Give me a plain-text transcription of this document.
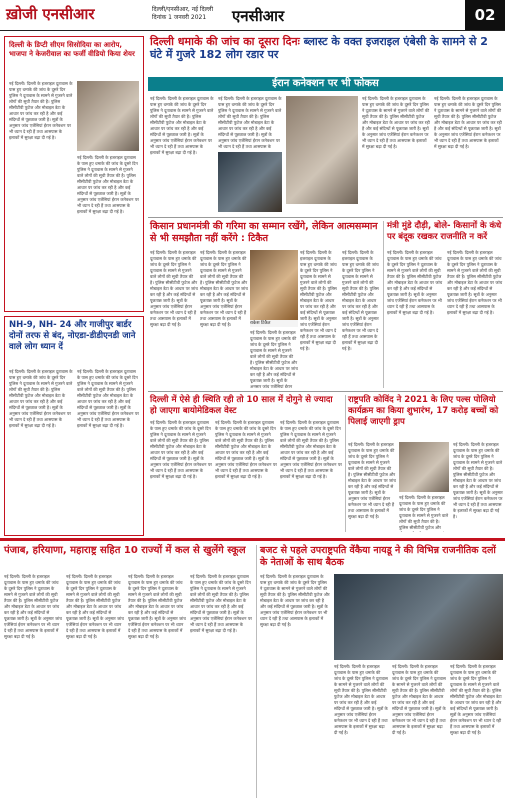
ख़ोजी एनसीआर	दिल्ली/एनसीआर, नई दिल्ली
दिनांक 1 जनवरी 2021	एनसीआर	02
दिल्ली के डिप्टी सीएम सिसोदिया का आरोप, भाजपा ने केजरीवाल का फर्जी वीडियो किया शेयर
नई दिल्ली। दिल्ली के इजराइल दूतावास के पास हुए धमाके की जांच के दूसरे दिन पुलिस ने दूतावास के सामने से गुजरने वाले लोगों की सूची तैयार की है। पुलिस सीसीटीवी फुटेज और मोबाइल डेटा के आधार पर जांच कर रही है और कई संदिग्धों से पूछताछ जारी है। सूत्रों के अनुसार जांच एजेंसियां ईरान कनेक्शन पर भी ध्यान दे रही हैं तथा आसपास के इलाकों में सुरक्षा बढ़ा दी गई है।
नई दिल्ली। दिल्ली के इजराइल दूतावास के पास हुए धमाके की जांच के दूसरे दिन पुलिस ने दूतावास के सामने से गुजरने वाले लोगों की सूची तैयार की है। पुलिस सीसीटीवी फुटेज और मोबाइल डेटा के आधार पर जांच कर रही है और कई संदिग्धों से पूछताछ जारी है। सूत्रों के अनुसार जांच एजेंसियां ईरान कनेक्शन पर भी ध्यान दे रही हैं तथा आसपास के इलाकों में सुरक्षा बढ़ा दी गई है।
NH-9, NH- 24 और गाजीपुर बार्डर दोनों तरफ से बंद, नोएडा-डीडीएनडी जाने वाले लोग ध्यान दें
नई दिल्ली। दिल्ली के इजराइल दूतावास के पास हुए धमाके की जांच के दूसरे दिन पुलिस ने दूतावास के सामने से गुजरने वाले लोगों की सूची तैयार की है। पुलिस सीसीटीवी फुटेज और मोबाइल डेटा के आधार पर जांच कर रही है और कई संदिग्धों से पूछताछ जारी है। सूत्रों के अनुसार जांच एजेंसियां ईरान कनेक्शन पर भी ध्यान दे रही हैं तथा आसपास के इलाकों में सुरक्षा बढ़ा दी गई है।
नई दिल्ली। दिल्ली के इजराइल दूतावास के पास हुए धमाके की जांच के दूसरे दिन पुलिस ने दूतावास के सामने से गुजरने वाले लोगों की सूची तैयार की है। पुलिस सीसीटीवी फुटेज और मोबाइल डेटा के आधार पर जांच कर रही है और कई संदिग्धों से पूछताछ जारी है। सूत्रों के अनुसार जांच एजेंसियां ईरान कनेक्शन पर भी ध्यान दे रही हैं तथा आसपास के इलाकों में सुरक्षा बढ़ा दी गई है।
दिल्ली धमाके की जांच का दूसरा दिनः ब्लास्ट के वक्त इजराइल एंबेसी के सामने से 2 घंटे में गुजरे 182 लोग रडार पर
ईरान कनेक्शन पर भी फोकस
नई दिल्ली। दिल्ली के इजराइल दूतावास के पास हुए धमाके की जांच के दूसरे दिन पुलिस ने दूतावास के सामने से गुजरने वाले लोगों की सूची तैयार की है। पुलिस सीसीटीवी फुटेज और मोबाइल डेटा के आधार पर जांच कर रही है और कई संदिग्धों से पूछताछ जारी है। सूत्रों के अनुसार जांच एजेंसियां ईरान कनेक्शन पर भी ध्यान दे रही हैं तथा आसपास के इलाकों में सुरक्षा बढ़ा दी गई है।
नई दिल्ली। दिल्ली के इजराइल दूतावास के पास हुए धमाके की जांच के दूसरे दिन पुलिस ने दूतावास के सामने से गुजरने वाले लोगों की सूची तैयार की है। पुलिस सीसीटीवी फुटेज और मोबाइल डेटा के आधार पर जांच कर रही है और कई संदिग्धों से पूछताछ जारी है। सूत्रों के अनुसार जांच एजेंसियां ईरान कनेक्शन पर भी ध्यान दे रही हैं तथा आसपास के
नई दिल्ली। दिल्ली के इजराइल दूतावास के पास हुए धमाके की जांच के दूसरे दिन पुलिस ने दूतावास के सामने से गुजरने वाले लोगों की सूची तैयार की है। पुलिस सीसीटीवी फुटेज और मोबाइल डेटा के आधार पर जांच कर रही है और कई संदिग्धों से पूछताछ जारी है। सूत्रों के अनुसार जांच एजेंसियां ईरान कनेक्शन पर भी ध्यान दे रही हैं तथा आसपास के इलाकों में सुरक्षा बढ़ा दी गई है।
नई दिल्ली। दिल्ली के इजराइल दूतावास के पास हुए धमाके की जांच के दूसरे दिन पुलिस ने दूतावास के सामने से गुजरने वाले लोगों की सूची तैयार की है। पुलिस सीसीटीवी फुटेज और मोबाइल डेटा के आधार पर जांच कर रही है और कई संदिग्धों से पूछताछ जारी है। सूत्रों के अनुसार जांच एजेंसियां ईरान कनेक्शन पर भी ध्यान दे रही हैं तथा आसपास के इलाकों में सुरक्षा बढ़ा दी गई है।
किसान प्रधानमंत्री की गरिमा का सम्मान रखेंगे, लेकिन आत्मसम्मान से भी समझौता नहीं करेंगे : टिकैत
नई दिल्ली। दिल्ली के इजराइल दूतावास के पास हुए धमाके की जांच के दूसरे दिन पुलिस ने दूतावास के सामने से गुजरने वाले लोगों की सूची तैयार की है। पुलिस सीसीटीवी फुटेज और मोबाइल डेटा के आधार पर जांच कर रही है और कई संदिग्धों से पूछताछ जारी है। सूत्रों के अनुसार जांच एजेंसियां ईरान कनेक्शन पर भी ध्यान दे रही हैं तथा आसपास के इलाकों में सुरक्षा बढ़ा दी गई है।
नई दिल्ली। दिल्ली के इजराइल दूतावास के पास हुए धमाके की जांच के दूसरे दिन पुलिस ने दूतावास के सामने से गुजरने वाले लोगों की सूची तैयार की है। पुलिस सीसीटीवी फुटेज और मोबाइल डेटा के आधार पर जांच कर रही है और कई संदिग्धों से पूछताछ जारी है। सूत्रों के अनुसार जांच एजेंसियां ईरान कनेक्शन पर भी ध्यान दे रही हैं तथा आसपास के इलाकों में सुरक्षा बढ़ा दी गई है।	राकेश टिकैत
नई दिल्ली। दिल्ली के इजराइल दूतावास के पास हुए धमाके की जांच के दूसरे दिन पुलिस ने दूतावास के सामने से गुजरने वाले लोगों की सूची तैयार की है। पुलिस सीसीटीवी फुटेज और मोबाइल डेटा के आधार पर जांच कर रही है और कई संदिग्धों से पूछताछ जारी है। सूत्रों के अनुसार जांच एजेंसियां ईरान
नई दिल्ली। दिल्ली के इजराइल दूतावास के पास हुए धमाके की जांच के दूसरे दिन पुलिस ने दूतावास के सामने से गुजरने वाले लोगों की सूची तैयार की है। पुलिस सीसीटीवी फुटेज और मोबाइल डेटा के आधार पर जांच कर रही है और कई संदिग्धों से पूछताछ जारी है। सूत्रों के अनुसार जांच एजेंसियां ईरान कनेक्शन पर भी ध्यान दे रही हैं तथा आसपास के इलाकों में सुरक्षा बढ़ा दी गई है।
नई दिल्ली। दिल्ली के इजराइल दूतावास के पास हुए धमाके की जांच के दूसरे दिन पुलिस ने दूतावास के सामने से गुजरने वाले लोगों की सूची तैयार की है। पुलिस सीसीटीवी फुटेज और मोबाइल डेटा के आधार पर जांच कर रही है और कई संदिग्धों से पूछताछ जारी है। सूत्रों के अनुसार जांच एजेंसियां ईरान कनेक्शन पर भी ध्यान दे रही हैं तथा आसपास के इलाकों में सुरक्षा बढ़ा दी गई है।
मंत्री मुंडे दौड़ी, बोले- किसानों के कंधे पर बंदूक रखकर राजनीति न करें
नई दिल्ली। दिल्ली के इजराइल दूतावास के पास हुए धमाके की जांच के दूसरे दिन पुलिस ने दूतावास के सामने से गुजरने वाले लोगों की सूची तैयार की है। पुलिस सीसीटीवी फुटेज और मोबाइल डेटा के आधार पर जांच कर रही है और कई संदिग्धों से पूछताछ जारी है। सूत्रों के अनुसार जांच एजेंसियां ईरान कनेक्शन पर भी ध्यान दे रही हैं तथा आसपास के इलाकों में सुरक्षा बढ़ा दी गई है।
नई दिल्ली। दिल्ली के इजराइल दूतावास के पास हुए धमाके की जांच के दूसरे दिन पुलिस ने दूतावास के सामने से गुजरने वाले लोगों की सूची तैयार की है। पुलिस सीसीटीवी फुटेज और मोबाइल डेटा के आधार पर जांच कर रही है और कई संदिग्धों से पूछताछ जारी है। सूत्रों के अनुसार जांच एजेंसियां ईरान कनेक्शन पर भी ध्यान दे रही हैं तथा आसपास के इलाकों में सुरक्षा बढ़ा दी गई है।
दिल्ली में ऐसे ही स्थिति रही तो 10 साल में दोगुने से ज्यादा हो जाएगा बायोमेडिकल वेस्ट
नई दिल्ली। दिल्ली के इजराइल दूतावास के पास हुए धमाके की जांच के दूसरे दिन पुलिस ने दूतावास के सामने से गुजरने वाले लोगों की सूची तैयार की है। पुलिस सीसीटीवी फुटेज और मोबाइल डेटा के आधार पर जांच कर रही है और कई संदिग्धों से पूछताछ जारी है। सूत्रों के अनुसार जांच एजेंसियां ईरान कनेक्शन पर भी ध्यान दे रही हैं तथा आसपास के इलाकों में सुरक्षा बढ़ा दी गई है।
नई दिल्ली। दिल्ली के इजराइल दूतावास के पास हुए धमाके की जांच के दूसरे दिन पुलिस ने दूतावास के सामने से गुजरने वाले लोगों की सूची तैयार की है। पुलिस सीसीटीवी फुटेज और मोबाइल डेटा के आधार पर जांच कर रही है और कई संदिग्धों से पूछताछ जारी है। सूत्रों के अनुसार जांच एजेंसियां ईरान कनेक्शन पर भी ध्यान दे रही हैं तथा आसपास के इलाकों में सुरक्षा बढ़ा दी गई है।
नई दिल्ली। दिल्ली के इजराइल दूतावास के पास हुए धमाके की जांच के दूसरे दिन पुलिस ने दूतावास के सामने से गुजरने वाले लोगों की सूची तैयार की है। पुलिस सीसीटीवी फुटेज और मोबाइल डेटा के आधार पर जांच कर रही है और कई संदिग्धों से पूछताछ जारी है। सूत्रों के अनुसार जांच एजेंसियां ईरान कनेक्शन पर भी ध्यान दे रही हैं तथा आसपास के इलाकों में सुरक्षा बढ़ा दी गई है।
राष्ट्रपति कोविंद ने 2021 के लिए पल्स पोलियो कार्यक्रम का किया शुभारंभ, 17 करोड़ बच्चों को पिलाई जाएगी ड्राप
नई दिल्ली। दिल्ली के इजराइल दूतावास के पास हुए धमाके की जांच के दूसरे दिन पुलिस ने दूतावास के सामने से गुजरने वाले लोगों की सूची तैयार की है। पुलिस सीसीटीवी फुटेज और मोबाइल डेटा के आधार पर जांच कर रही है और कई संदिग्धों से पूछताछ जारी है। सूत्रों के अनुसार जांच एजेंसियां ईरान कनेक्शन पर भी ध्यान दे रही हैं तथा आसपास के इलाकों में सुरक्षा बढ़ा दी गई है।
नई दिल्ली। दिल्ली के इजराइल दूतावास के पास हुए धमाके की जांच के दूसरे दिन पुलिस ने दूतावास के सामने से गुजरने वाले लोगों की सूची तैयार की है। पुलिस सीसीटीवी फुटेज और
नई दिल्ली। दिल्ली के इजराइल दूतावास के पास हुए धमाके की जांच के दूसरे दिन पुलिस ने दूतावास के सामने से गुजरने वाले लोगों की सूची तैयार की है। पुलिस सीसीटीवी फुटेज और मोबाइल डेटा के आधार पर जांच कर रही है और कई संदिग्धों से पूछताछ जारी है। सूत्रों के अनुसार जांच एजेंसियां ईरान कनेक्शन पर भी ध्यान दे रही हैं तथा आसपास के इलाकों में सुरक्षा बढ़ा दी गई है।
पंजाब, हरियाणा, महाराष्ट्र सहित 10 राज्यों में कल से खुलेंगे स्कूल
नई दिल्ली। दिल्ली के इजराइल दूतावास के पास हुए धमाके की जांच के दूसरे दिन पुलिस ने दूतावास के सामने से गुजरने वाले लोगों की सूची तैयार की है। पुलिस सीसीटीवी फुटेज और मोबाइल डेटा के आधार पर जांच कर रही है और कई संदिग्धों से पूछताछ जारी है। सूत्रों के अनुसार जांच एजेंसियां ईरान कनेक्शन पर भी ध्यान दे रही हैं तथा आसपास के इलाकों में सुरक्षा बढ़ा दी गई है।
नई दिल्ली। दिल्ली के इजराइल दूतावास के पास हुए धमाके की जांच के दूसरे दिन पुलिस ने दूतावास के सामने से गुजरने वाले लोगों की सूची तैयार की है। पुलिस सीसीटीवी फुटेज और मोबाइल डेटा के आधार पर जांच कर रही है और कई संदिग्धों से पूछताछ जारी है। सूत्रों के अनुसार जांच एजेंसियां ईरान कनेक्शन पर भी ध्यान दे रही हैं तथा आसपास के इलाकों में सुरक्षा बढ़ा दी गई है।
नई दिल्ली। दिल्ली के इजराइल दूतावास के पास हुए धमाके की जांच के दूसरे दिन पुलिस ने दूतावास के सामने से गुजरने वाले लोगों की सूची तैयार की है। पुलिस सीसीटीवी फुटेज और मोबाइल डेटा के आधार पर जांच कर रही है और कई संदिग्धों से पूछताछ जारी है। सूत्रों के अनुसार जांच एजेंसियां ईरान कनेक्शन पर भी ध्यान दे रही हैं तथा आसपास के इलाकों में सुरक्षा बढ़ा दी गई है।
नई दिल्ली। दिल्ली के इजराइल दूतावास के पास हुए धमाके की जांच के दूसरे दिन पुलिस ने दूतावास के सामने से गुजरने वाले लोगों की सूची तैयार की है। पुलिस सीसीटीवी फुटेज और मोबाइल डेटा के आधार पर जांच कर रही है और कई संदिग्धों से पूछताछ जारी है। सूत्रों के अनुसार जांच एजेंसियां ईरान कनेक्शन पर भी ध्यान दे रही हैं तथा आसपास के इलाकों में सुरक्षा बढ़ा दी गई है।
बजट से पहले उपराष्ट्रपति वेंकैया नायडू ने की विभिन्न राजनीतिक दलों के नेताओं के साथ बैठक
नई दिल्ली। दिल्ली के इजराइल दूतावास के पास हुए धमाके की जांच के दूसरे दिन पुलिस ने दूतावास के सामने से गुजरने वाले लोगों की सूची तैयार की है। पुलिस सीसीटीवी फुटेज और मोबाइल डेटा के आधार पर जांच कर रही है और कई संदिग्धों से पूछताछ जारी है। सूत्रों के अनुसार जांच एजेंसियां ईरान कनेक्शन पर भी ध्यान दे रही हैं तथा आसपास के इलाकों में सुरक्षा बढ़ा दी गई है।
नई दिल्ली। दिल्ली के इजराइल दूतावास के पास हुए धमाके की जांच के दूसरे दिन पुलिस ने दूतावास के सामने से गुजरने वाले लोगों की सूची तैयार की है। पुलिस सीसीटीवी फुटेज और मोबाइल डेटा के आधार पर जांच कर रही है और कई संदिग्धों से पूछताछ जारी है। सूत्रों के अनुसार जांच एजेंसियां ईरान कनेक्शन पर भी ध्यान दे रही हैं तथा आसपास के इलाकों में सुरक्षा बढ़ा दी गई है।
नई दिल्ली। दिल्ली के इजराइल दूतावास के पास हुए धमाके की जांच के दूसरे दिन पुलिस ने दूतावास के सामने से गुजरने वाले लोगों की सूची तैयार की है। पुलिस सीसीटीवी फुटेज और मोबाइल डेटा के आधार पर जांच कर रही है और कई संदिग्धों से पूछताछ जारी है। सूत्रों के अनुसार जांच एजेंसियां ईरान कनेक्शन पर भी ध्यान दे रही हैं तथा आसपास के इलाकों में सुरक्षा बढ़ा दी गई है।
नई दिल्ली। दिल्ली के इजराइल दूतावास के पास हुए धमाके की जांच के दूसरे दिन पुलिस ने दूतावास के सामने से गुजरने वाले लोगों की सूची तैयार की है। पुलिस सीसीटीवी फुटेज और मोबाइल डेटा के आधार पर जांच कर रही है और कई संदिग्धों से पूछताछ जारी है। सूत्रों के अनुसार जांच एजेंसियां ईरान कनेक्शन पर भी ध्यान दे रही हैं तथा आसपास के इलाकों में सुरक्षा बढ़ा दी गई है।
